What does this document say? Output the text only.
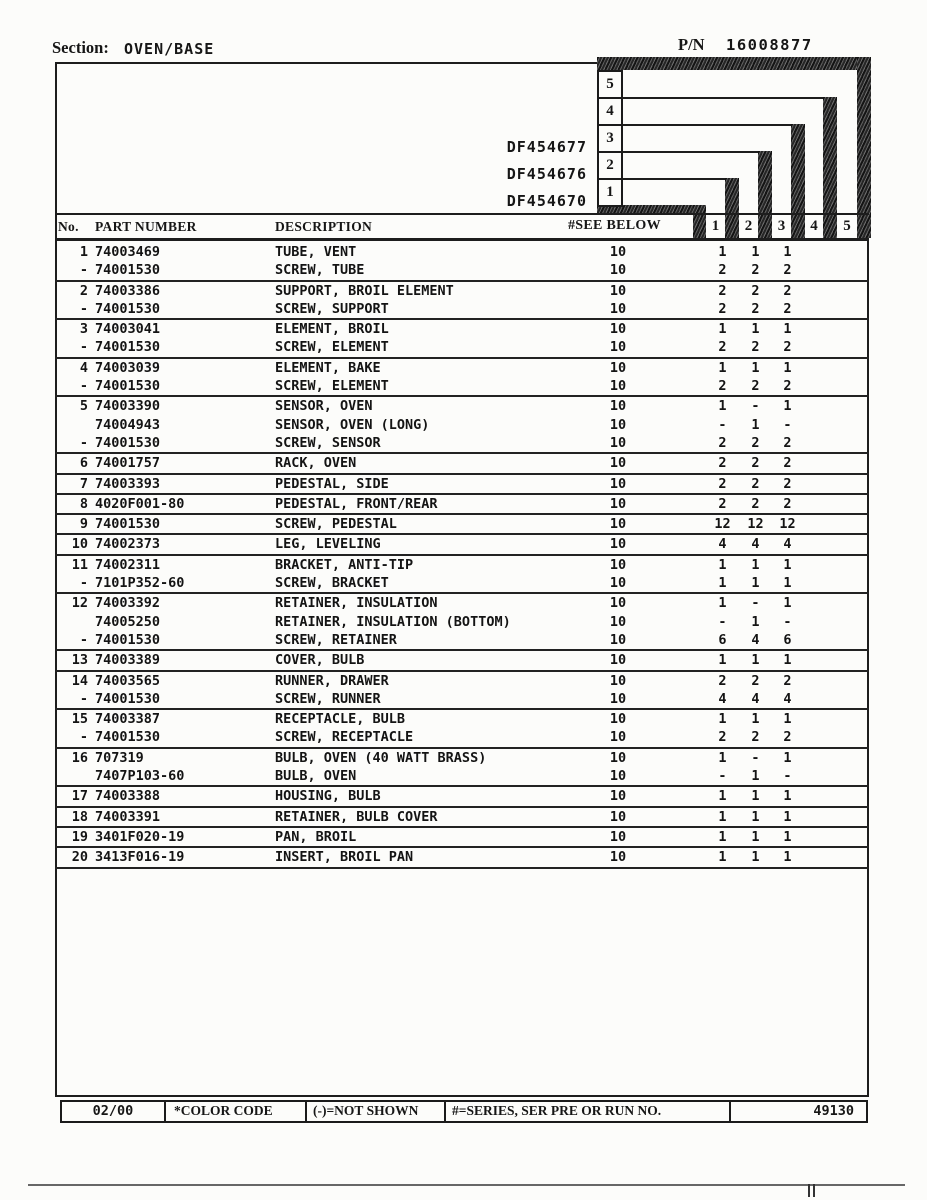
Section: OVEN/BASE	P/N 16008877
5
4
3
2
1
DF454677
DF454676
DF454670
No. PART NUMBER	DESCRIPTION	#SEE BELOW	1	2	3	4	5
1 74003469	TUBE, VENT	10	1	1	1
- 74001530	SCREW, TUBE	10	2	2	2
2 74003386	SUPPORT, BROIL ELEMENT	10	2	2	2
- 74001530	SCREW, SUPPORT	10	2	2	2
3 74003041	ELEMENT, BROIL	10	1	1	1
- 74001530	SCREW, ELEMENT	10	2	2	2
4 74003039	ELEMENT, BAKE	10	1	1	1
- 74001530	SCREW, ELEMENT	10	2	2	2
5 74003390	SENSOR, OVEN	10	1	-	1
74004943	SENSOR, OVEN (LONG)	10	-	1	-
- 74001530	SCREW, SENSOR	10	2	2	2
6 74001757	RACK, OVEN	10	2	2	2
7 74003393	PEDESTAL, SIDE	10	2	2	2
8 4020F001-80	PEDESTAL, FRONT/REAR	10	2	2	2
9 74001530	SCREW, PEDESTAL	10	12	12	12
10 74002373	LEG, LEVELING	10	4	4	4
11 74002311	BRACKET, ANTI-TIP	10	1	1	1
- 7101P352-60	SCREW, BRACKET	10	1	1	1
12 74003392	RETAINER, INSULATION	10	1	-	1
74005250	RETAINER, INSULATION (BOTTOM)	10	-	1	-
- 74001530	SCREW, RETAINER	10	6	4	6
13 74003389	COVER, BULB	10	1	1	1
14 74003565	RUNNER, DRAWER	10	2	2	2
- 74001530	SCREW, RUNNER	10	4	4	4
15 74003387	RECEPTACLE, BULB	10	1	1	1
- 74001530	SCREW, RECEPTACLE	10	2	2	2
16 707319	BULB, OVEN (40 WATT BRASS)	10	1	-	1
7407P103-60	BULB, OVEN	10	-	1	-
17 74003388	HOUSING, BULB	10	1	1	1
18 74003391	RETAINER, BULB COVER	10	1	1	1
19 3401F020-19	PAN, BROIL	10	1	1	1
20 3413F016-19	INSERT, BROIL PAN	10	1	1	1
02/00	*COLOR CODE	(-)=NOT SHOWN	#=SERIES, SER PRE OR RUN NO.	49130
